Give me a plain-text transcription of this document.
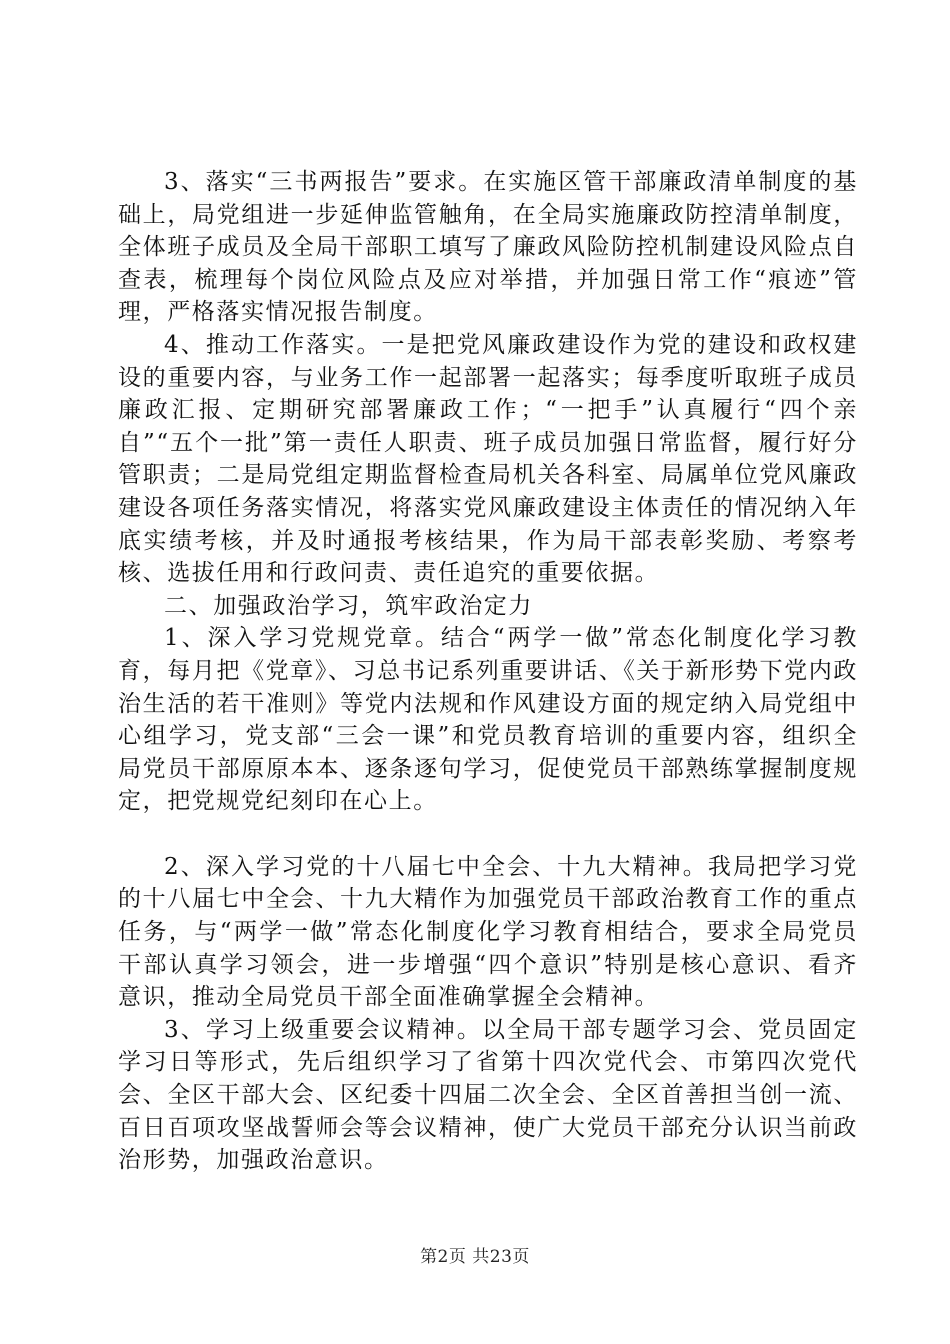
3、落实“三书两报告”要求。在实施区管干部廉政清单制度的基础上，局党组进一步延伸监管触角，在全局实施廉政防控清单制度，全体班子成员及全局干部职工填写了廉政风险防控机制建设风险点自查表，梳理每个岗位风险点及应对举措，并加强日常工作“痕迹”管理，严格落实情况报告制度。

4、推动工作落实。一是把党风廉政建设作为党的建设和政权建设的重要内容，与业务工作一起部署一起落实；每季度听取班子成员廉政汇报、定期研究部署廉政工作；“一把手”认真履行“四个亲自”“五个一批”第一责任人职责、班子成员加强日常监督，履行好分管职责；二是局党组定期监督检查局机关各科室、局属单位党风廉政建设各项任务落实情况，将落实党风廉政建设主体责任的情况纳入年底实绩考核，并及时通报考核结果，作为局干部表彰奖励、考察考核、选拔任用和行政问责、责任追究的重要依据。

二、加强政治学习，筑牢政治定力

1、深入学习党规党章。结合“两学一做”常态化制度化学习教育，每月把《党章》、习总书记系列重要讲话、《关于新形势下党内政治生活的若干准则》等党内法规和作风建设方面的规定纳入局党组中心组学习，党支部“三会一课”和党员教育培训的重要内容，组织全局党员干部原原本本、逐条逐句学习，促使党员干部熟练掌握制度规定，把党规党纪刻印在心上。

2、深入学习党的十八届七中全会、十九大精神。我局把学习党的十八届七中全会、十九大精作为加强党员干部政治教育工作的重点任务，与“两学一做”常态化制度化学习教育相结合，要求全局党员干部认真学习领会，进一步增强“四个意识”特别是核心意识、看齐意识，推动全局党员干部全面准确掌握全会精神。

3、学习上级重要会议精神。以全局干部专题学习会、党员固定学习日等形式，先后组织学习了省第十四次党代会、市第四次党代会、全区干部大会、区纪委十四届二次全会、全区首善担当创一流、百日百项攻坚战誓师会等会议精神，使广大党员干部充分认识当前政治形势，加强政治意识。

第2页 共23页
